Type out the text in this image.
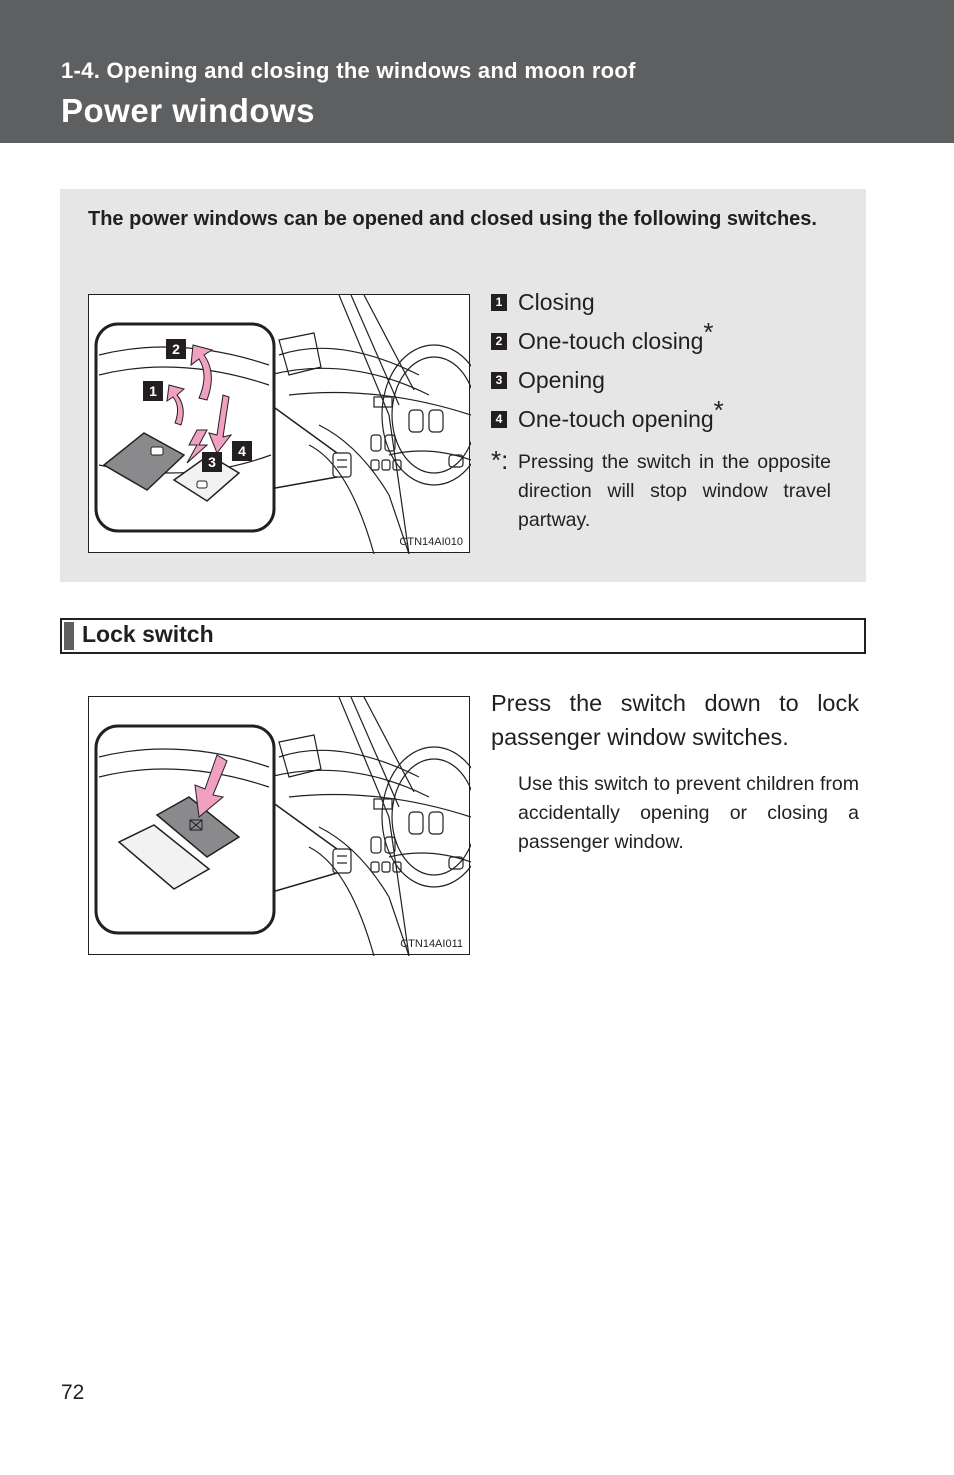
1-4. Opening and closing the windows and moon roof
Power windows
The power windows can be opened and closed using the following switches.
1
2
3
4
CTN14AI010
1 Closing
2 One-touch closing*
3 Opening
4 One-touch opening*
*: Pressing the switch in the opposite direction will stop window travel partway.
Lock switch
CTN14AI011
Press the switch down to lock passenger window switches.
Use this switch to prevent children from accidentally opening or closing a passenger window.
72
